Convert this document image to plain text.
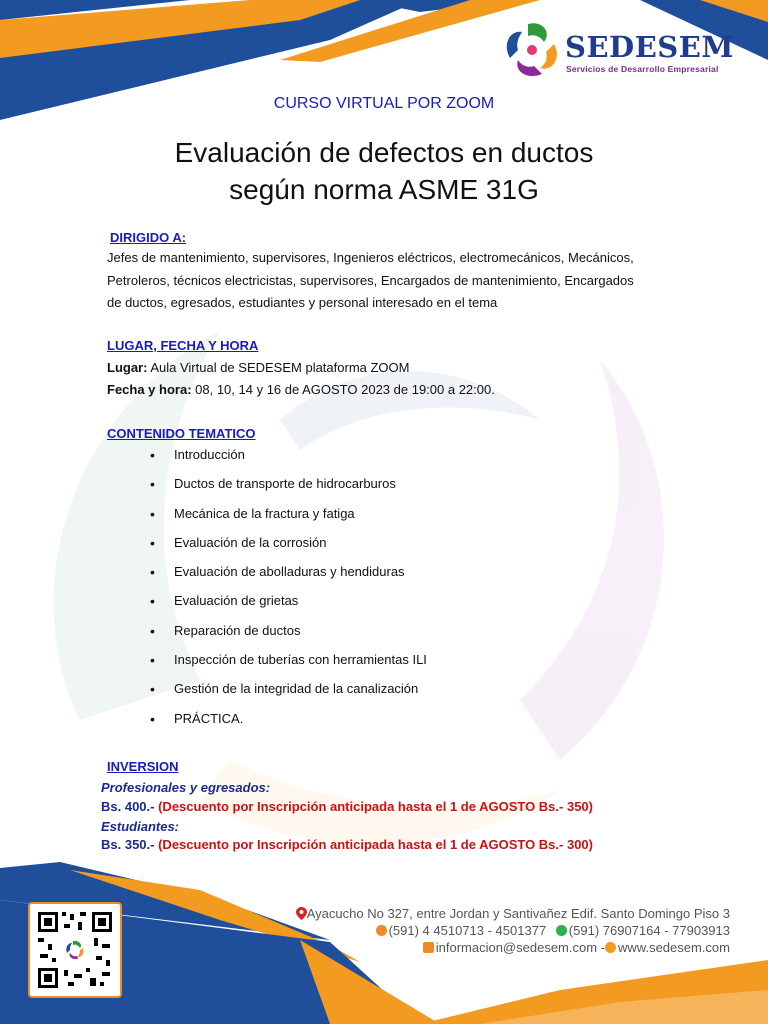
SEDESEM
Servicios de Desarrollo Empresarial
CURSO VIRTUAL POR ZOOM
Evaluación de defectos en ductos
según norma ASME 31G
DIRIGIDO A:
Jefes de mantenimiento, supervisores, Ingenieros eléctricos, electromecánicos, Mecánicos,
Petroleros, técnicos electricistas, supervisores, Encargados de mantenimiento, Encargados
de ductos, egresados, estudiantes y personal interesado en el tema
LUGAR, FECHA Y HORA
Lugar: Aula Virtual de SEDESEM plataforma ZOOM
Fecha y hora: 08, 10, 14 y 16 de AGOSTO 2023 de 19:00 a 22:00.
CONTENIDO TEMATICO
• Introducción
• Ductos de transporte de hidrocarburos
• Mecánica de la fractura y fatiga
• Evaluación de la corrosión
• Evaluación de abolladuras y hendiduras
• Evaluación de grietas
• Reparación de ductos
• Inspección de tuberías con herramientas ILI
• Gestión de la integridad de la canalización
• PRÁCTICA.
INVERSION
Profesionales y egresados:
Bs. 400.- (Descuento por Inscripción anticipada hasta el 1 de AGOSTO Bs.- 350)
Estudiantes:
Bs. 350.- (Descuento por Inscripción anticipada hasta el 1 de AGOSTO Bs.- 300)
Ayacucho No 327, entre Jordan y Santivañez Edif. Santo Domingo Piso 3
(591) 4 4510713 - 4501377 (591) 76907164 - 77903913
informacion@sedesem.com - www.sedesem.com
